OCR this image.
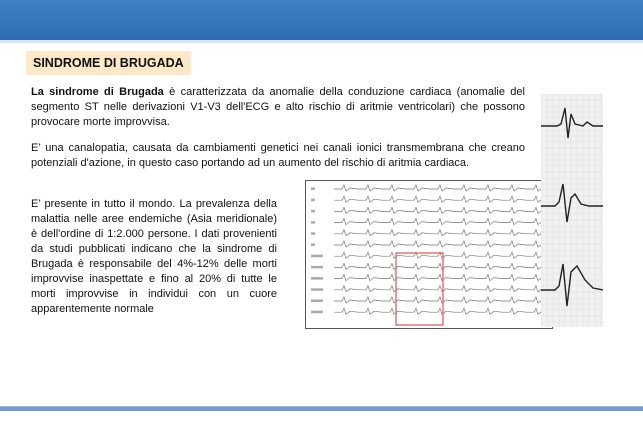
SINDROME DI BRUGADA
La sindrome di Brugada è caratterizzata da anomalie della conduzione cardiaca (anomalie del segmento ST nelle derivazioni V1-V3 dell'ECG e alto rischio di aritmie ventricolari) che possono provocare morte improvvisa.
E’ una canalopatia, causata da cambiamenti genetici nei canali ionici transmembrana che creano potenziali d'azione, in questo caso portando ad un aumento del rischio di aritmia cardiaca.
E’ presente in tutto il mondo. La prevalenza della malattia nelle aree endemiche (Asia meridionale) è dell'ordine di 1:2.000 persone. I dati provenienti da studi pubblicati indicano che la sindrome di Brugada è responsabile del 4%-12% delle morti improvvise inaspettate e fino al 20% di tutte le morti improvvise in individui con un cuore apparentemente normale
